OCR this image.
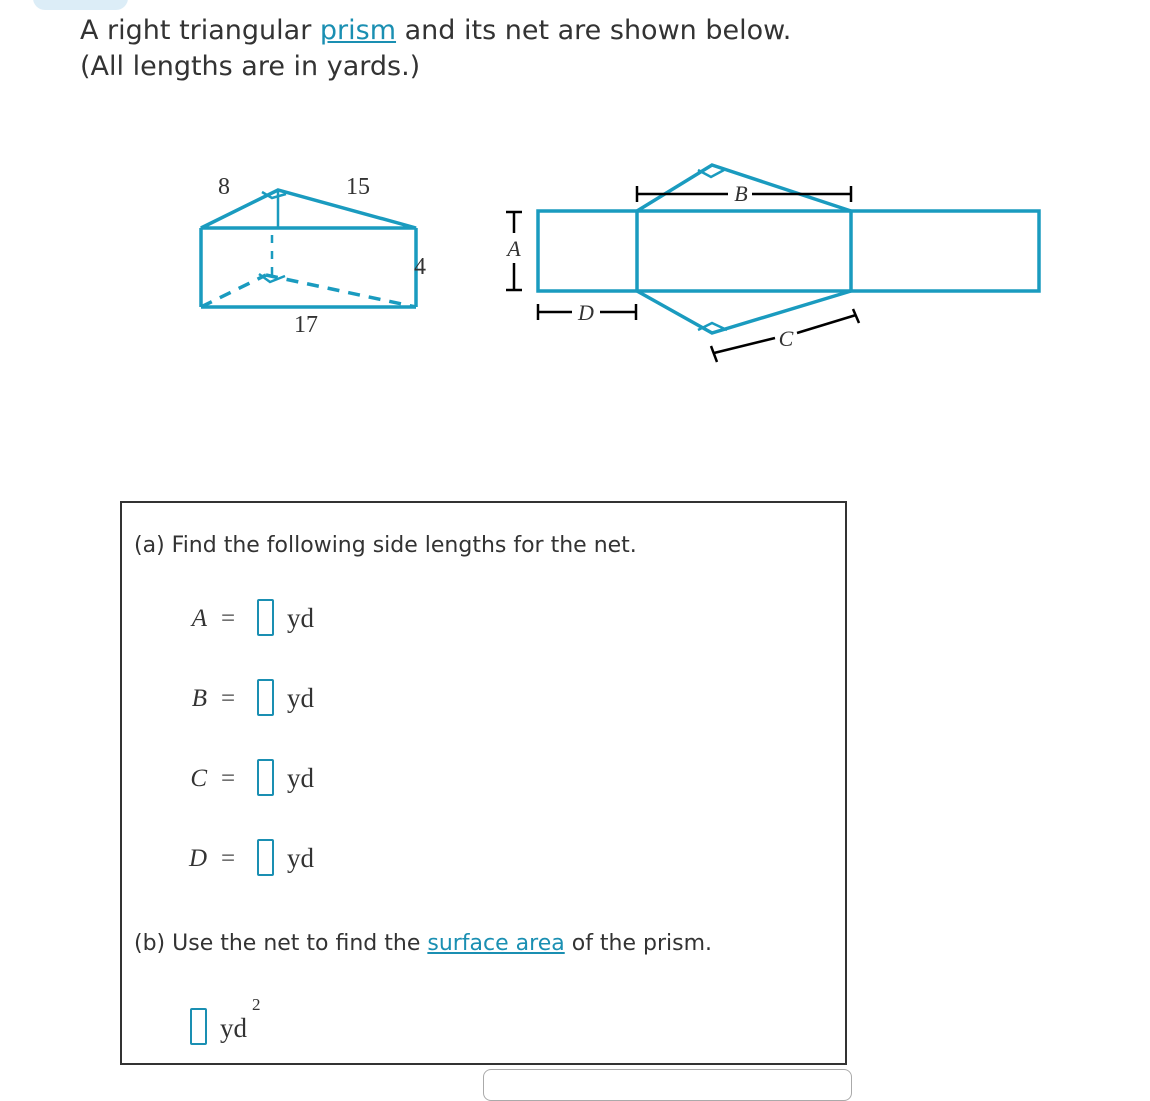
A right triangular prism and its net are shown below.
(All lengths are in yards.)
8	15
4
17
A
D
B
C
(a) Find the following side lengths for the net.
A = yd
B = yd
C = yd
D = yd
(b) Use the net to find the surface area of the prism.
yd
2
